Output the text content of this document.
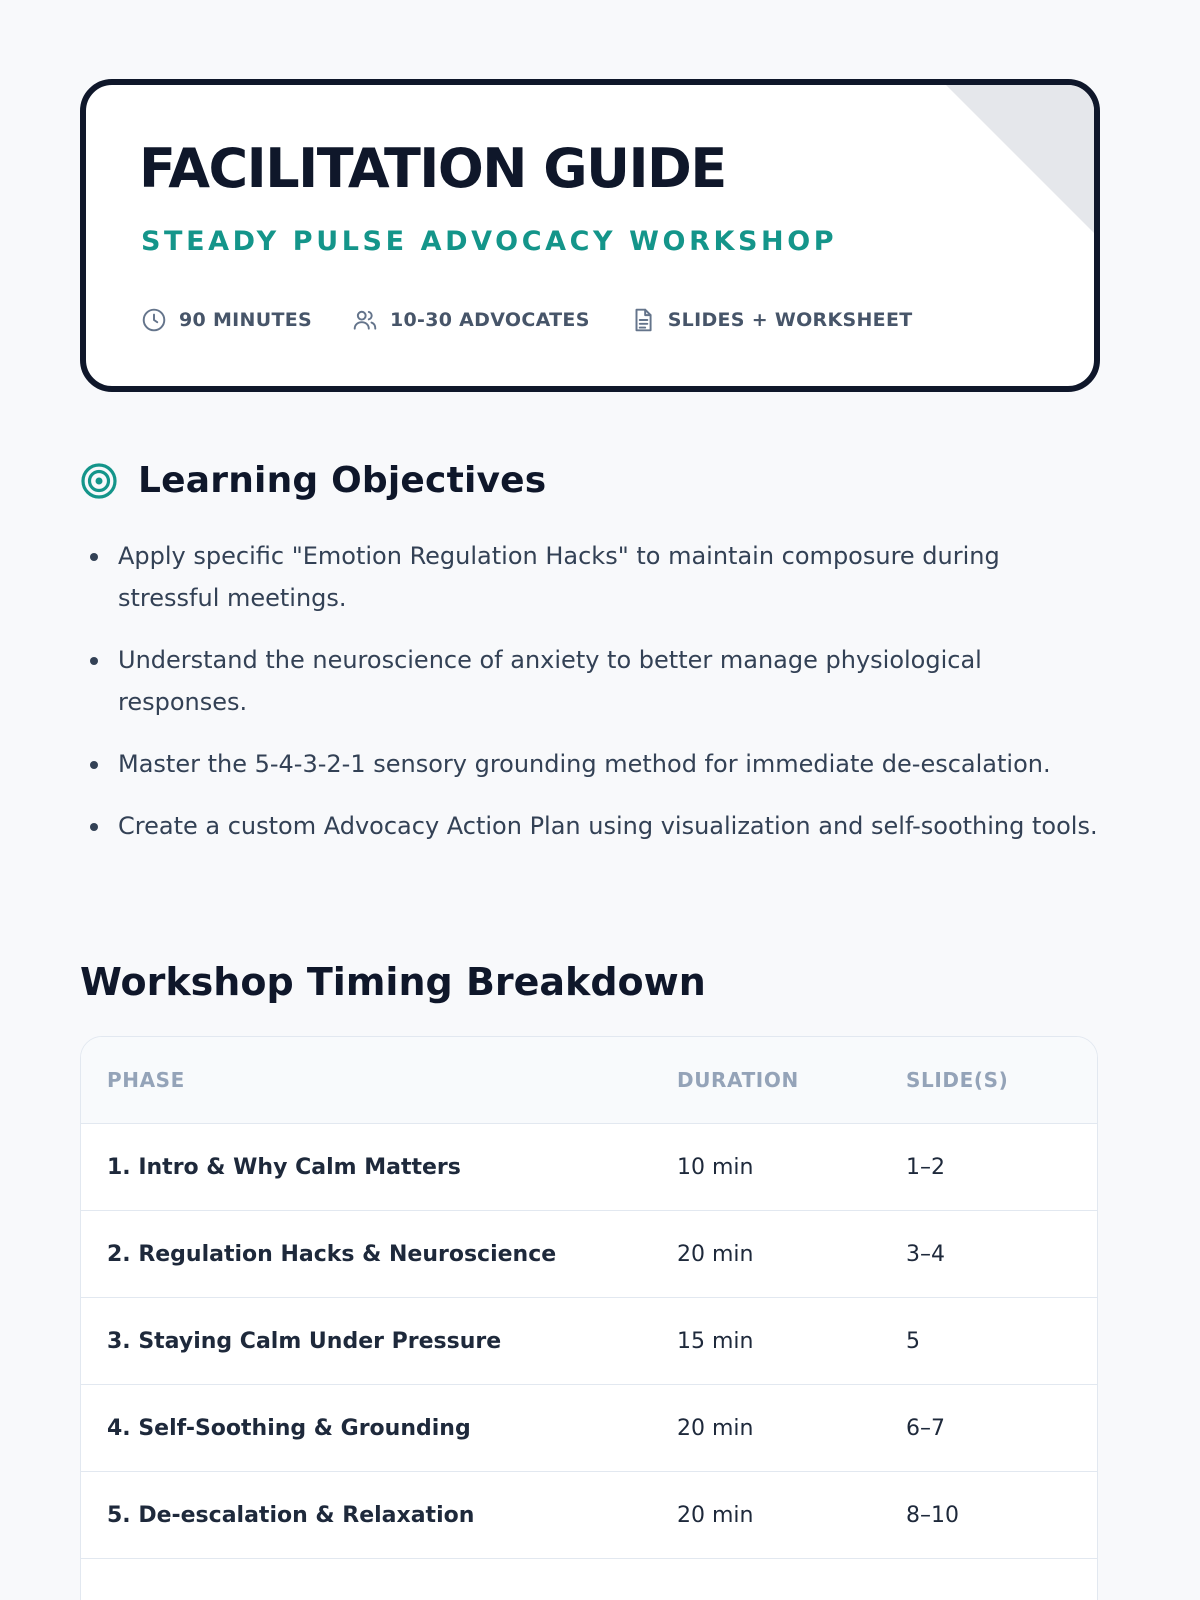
FACILITATION GUIDE
STEADY PULSE ADVOCACY WORKSHOP
90 MINUTES	10-30 ADVOCATES	SLIDES + WORKSHEET
Learning Objectives
Apply specific "Emotion Regulation Hacks" to maintain composure during stressful meetings.
Understand the neuroscience of anxiety to better manage physiological responses.
Master the 5-4-3-2-1 sensory grounding method for immediate de-escalation.
Create a custom Advocacy Action Plan using visualization and self-soothing tools.
Workshop Timing Breakdown
PHASE	DURATION	SLIDE(S)
1. Intro & Why Calm Matters	10 min	1–2
2. Regulation Hacks & Neuroscience	20 min	3–4
3. Staying Calm Under Pressure	15 min	5
4. Self-Soothing & Grounding	20 min	6–7
5. De-escalation & Relaxation	20 min	8–10
